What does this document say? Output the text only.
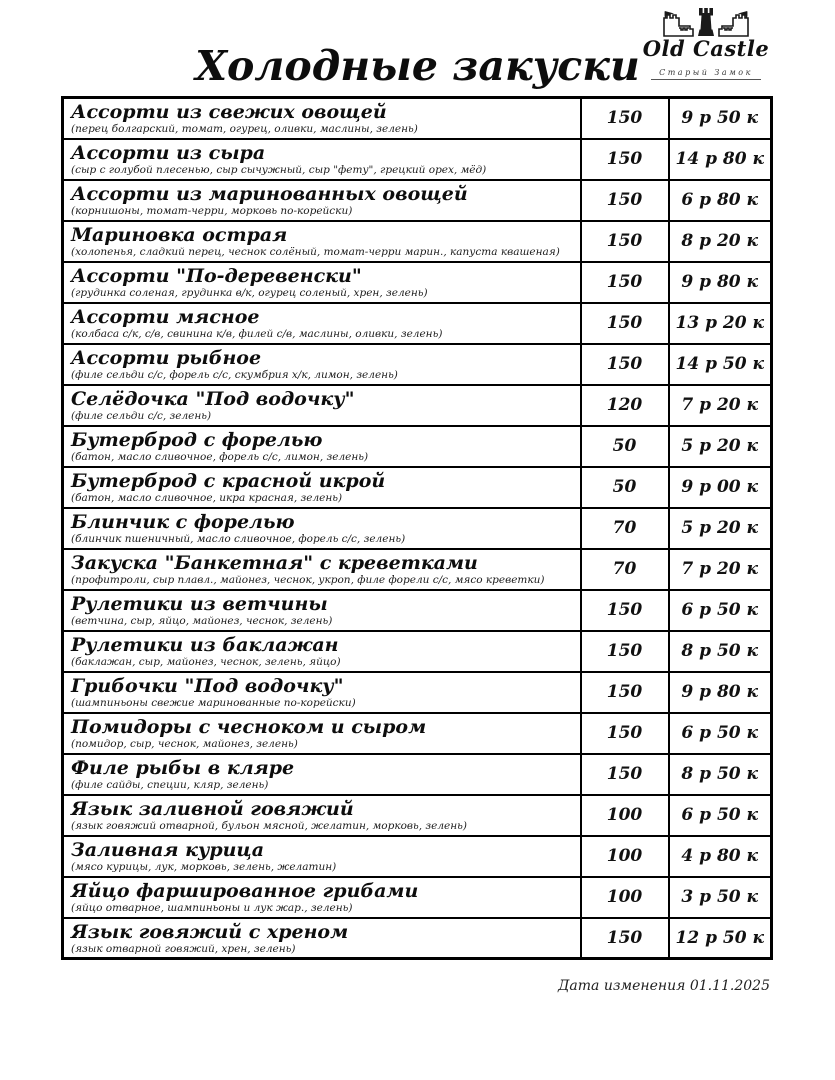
Old Castle
Старый Замок
Холодные закуски
Ассорти из свежих овощей
(перец болгарский, томат, огурец, оливки, маслины, зелень)	150	9 р 50 к

Ассорти из сыра
(сыр с голубой плесенью, сыр сычужный, сыр "фету", грецкий орех, мёд)	150	14 р 80 к

Ассорти из маринованных овощей
(корнишоны, томат-черри, морковь по-корейски)	150	6 р 80 к

Мариновка острая
(холопенья, сладкий перец, чеснок солёный, томат-черри марин., капуста квашеная)	150	8 р 20 к

Ассорти "По-деревенски"
(грудинка соленая, грудинка в/к, огурец соленый, хрен, зелень)	150	9 р 80 к

Ассорти мясное
(колбаса с/к, с/в, свинина к/в, филей с/в, маслины, оливки, зелень)	150	13 р 20 к

Ассорти рыбное
(филе сельди с/с, форель с/с, скумбрия х/к, лимон, зелень)	150	14 р 50 к

Селёдочка "Под водочку"
(филе сельди с/с, зелень)	120	7 р 20 к

Бутерброд с форелью
(батон, масло сливочное, форель с/с, лимон, зелень)	50	5 р 20 к

Бутерброд с красной икрой
(батон, масло сливочное, икра красная, зелень)	50	9 р 00 к

Блинчик с форелью
(блинчик пшеничный, масло сливочное, форель с/с, зелень)	70	5 р 20 к

Закуска "Банкетная" с креветками
(профитроли, сыр плавл., майонез, чеснок, укроп, филе форели с/с, мясо креветки)	70	7 р 20 к

Рулетики из ветчины
(ветчина, сыр, яйцо, майонез, чеснок, зелень)	150	6 р 50 к

Рулетики из баклажан
(баклажан, сыр, майонез, чеснок, зелень, яйцо)	150	8 р 50 к

Грибочки "Под водочку"
(шампиньоны свежие маринованные по-корейски)	150	9 р 80 к

Помидоры с чесноком и сыром
(помидор, сыр, чеснок, майонез, зелень)	150	6 р 50 к

Филе рыбы в кляре
(филе сайды, специи, кляр, зелень)	150	8 р 50 к

Язык заливной говяжий
(язык говяжий отварной, бульон мясной, желатин, морковь, зелень)	100	6 р 50 к

Заливная курица
(мясо курицы, лук, морковь, зелень, желатин)	100	4 р 80 к

Яйцо фаршированное грибами
(яйцо отварное, шампиньоны и лук жар., зелень)	100	3 р 50 к

Язык говяжий с хреном
(язык отварной говяжий, хрен, зелень)	150	12 р 50 к
Дата изменения 01.11.2025
